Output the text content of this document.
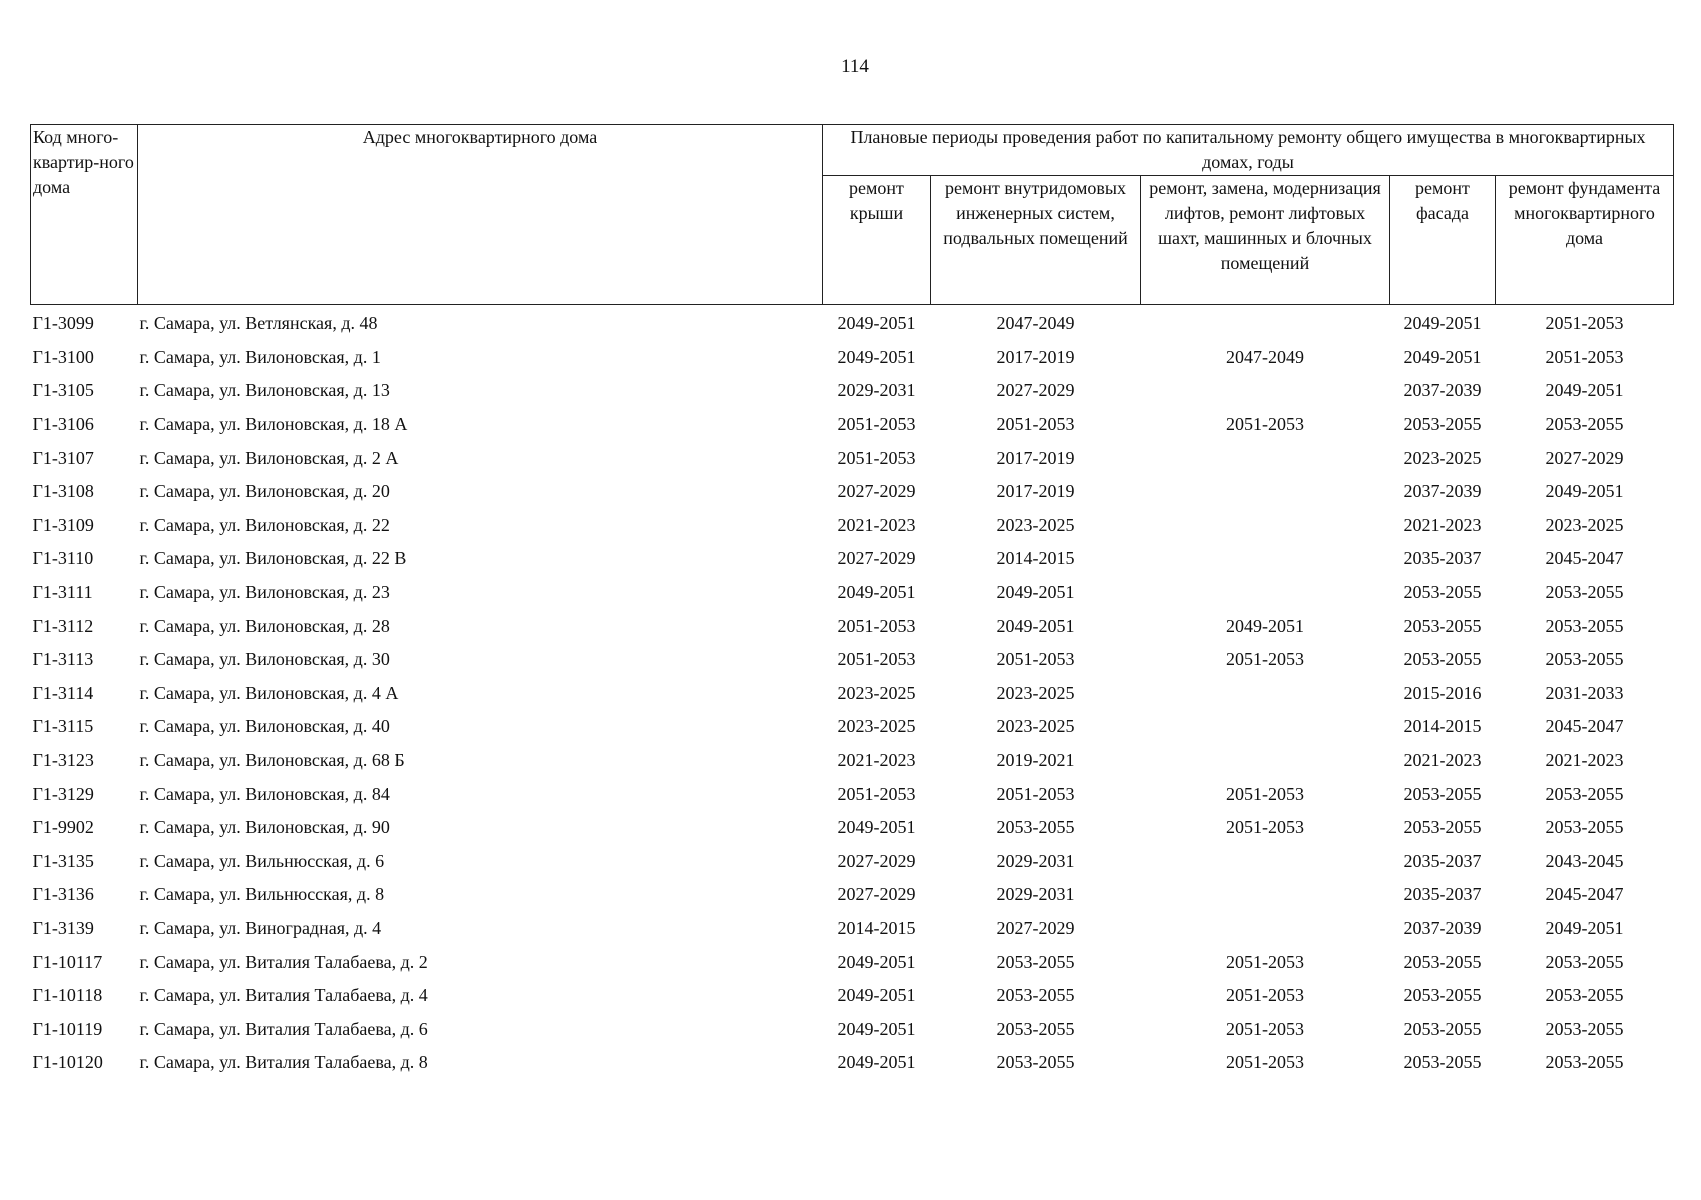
114
Код много-квартир-ного дома	Адрес многоквартирного дома	Плановые периоды проведения работ по капитальному ремонту общего имущества в многоквартирных домах, годы				
		ремонт крыши	ремонт внутридомовых инженерных систем, подвальных помещений	ремонт, замена, модернизация лифтов, ремонт лифтовых шахт, машинных и блочных помещений	ремонт фасада	ремонт фундамента многоквартирного дома
Г1-3099	г. Самара, ул. Ветлянская, д. 48	2049-2051	2047-2049		2049-2051	2051-2053
Г1-3100	г. Самара, ул. Вилоновская, д. 1	2049-2051	2017-2019	2047-2049	2049-2051	2051-2053
Г1-3105	г. Самара, ул. Вилоновская, д. 13	2029-2031	2027-2029		2037-2039	2049-2051
Г1-3106	г. Самара, ул. Вилоновская, д. 18 А	2051-2053	2051-2053	2051-2053	2053-2055	2053-2055
Г1-3107	г. Самара, ул. Вилоновская, д. 2 А	2051-2053	2017-2019		2023-2025	2027-2029
Г1-3108	г. Самара, ул. Вилоновская, д. 20	2027-2029	2017-2019		2037-2039	2049-2051
Г1-3109	г. Самара, ул. Вилоновская, д. 22	2021-2023	2023-2025		2021-2023	2023-2025
Г1-3110	г. Самара, ул. Вилоновская, д. 22 В	2027-2029	2014-2015		2035-2037	2045-2047
Г1-3111	г. Самара, ул. Вилоновская, д. 23	2049-2051	2049-2051		2053-2055	2053-2055
Г1-3112	г. Самара, ул. Вилоновская, д. 28	2051-2053	2049-2051	2049-2051	2053-2055	2053-2055
Г1-3113	г. Самара, ул. Вилоновская, д. 30	2051-2053	2051-2053	2051-2053	2053-2055	2053-2055
Г1-3114	г. Самара, ул. Вилоновская, д. 4 А	2023-2025	2023-2025		2015-2016	2031-2033
Г1-3115	г. Самара, ул. Вилоновская, д. 40	2023-2025	2023-2025		2014-2015	2045-2047
Г1-3123	г. Самара, ул. Вилоновская, д. 68 Б	2021-2023	2019-2021		2021-2023	2021-2023
Г1-3129	г. Самара, ул. Вилоновская, д. 84	2051-2053	2051-2053	2051-2053	2053-2055	2053-2055
Г1-9902	г. Самара, ул. Вилоновская, д. 90	2049-2051	2053-2055	2051-2053	2053-2055	2053-2055
Г1-3135	г. Самара, ул. Вильнюсская, д. 6	2027-2029	2029-2031		2035-2037	2043-2045
Г1-3136	г. Самара, ул. Вильнюсская, д. 8	2027-2029	2029-2031		2035-2037	2045-2047
Г1-3139	г. Самара, ул. Виноградная, д. 4	2014-2015	2027-2029		2037-2039	2049-2051
Г1-10117	г. Самара, ул. Виталия Талабаева, д. 2	2049-2051	2053-2055	2051-2053	2053-2055	2053-2055
Г1-10118	г. Самара, ул. Виталия Талабаева, д. 4	2049-2051	2053-2055	2051-2053	2053-2055	2053-2055
Г1-10119	г. Самара, ул. Виталия Талабаева, д. 6	2049-2051	2053-2055	2051-2053	2053-2055	2053-2055
Г1-10120	г. Самара, ул. Виталия Талабаева, д. 8	2049-2051	2053-2055	2051-2053	2053-2055	2053-2055
